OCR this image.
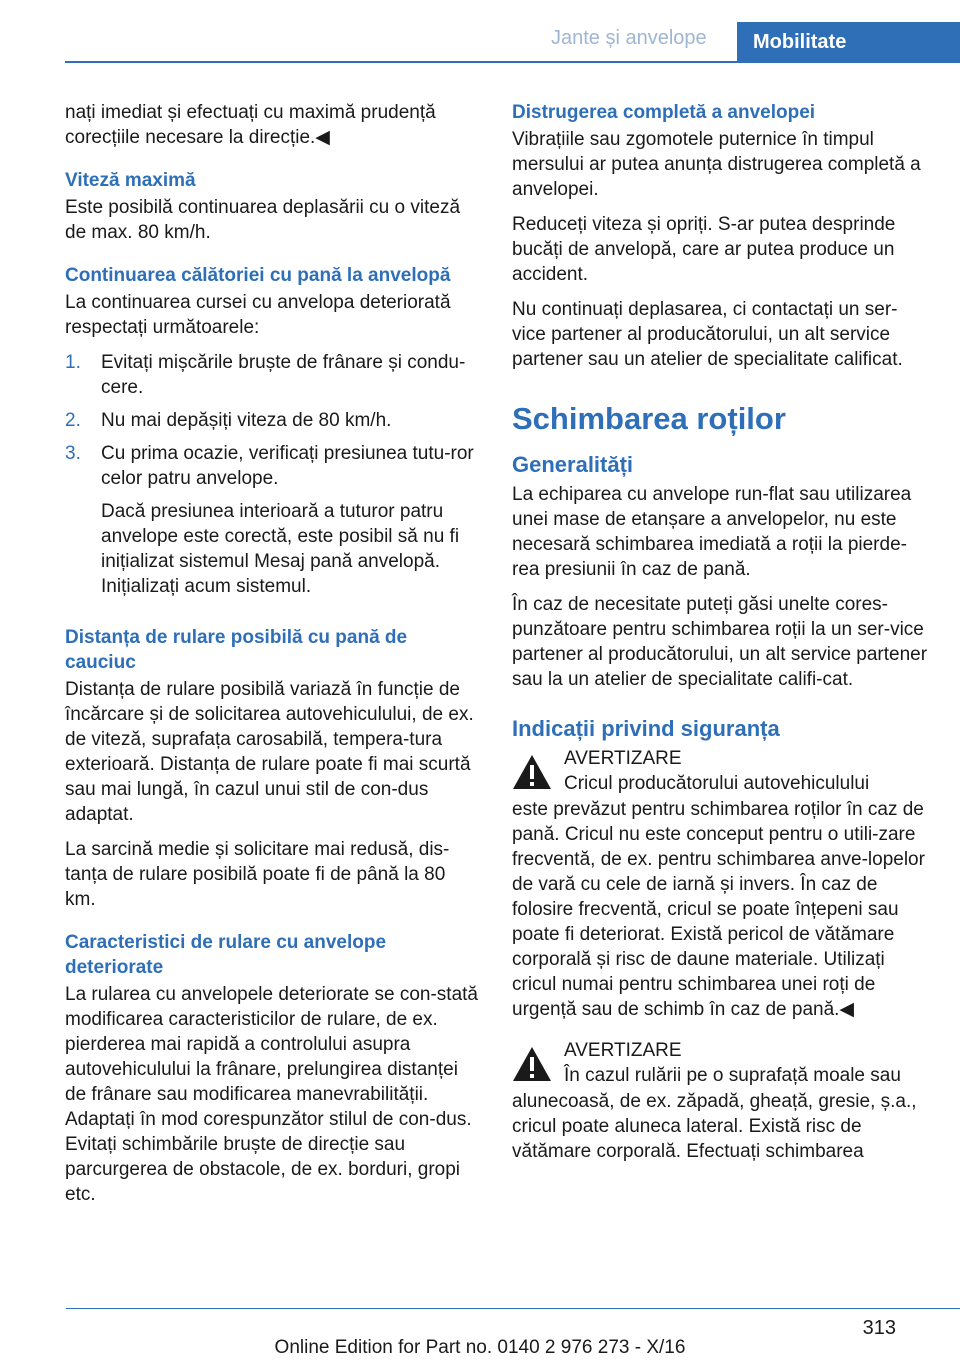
Jante și anvelope	Mobilitate

nați imediat și efectuați cu maximă prudență corecțiile necesare la direcție.◀

Viteză maximă

Este posibilă continuarea deplasării cu o viteză de max. 80 km/h.

Continuarea călătoriei cu pană la anvelopă

La continuarea cursei cu anvelopa deteriorată respectați următoarele:

1.	Evitați mișcările bruște de frânare și condu-cere.
2.	Nu mai depășiți viteza de 80 km/h.
3.	Cu prima ocazie, verificați presiunea tutu-ror celor patru anvelope.

Dacă presiunea interioară a tuturor patru anvelope este corectă, este posibil să nu fi inițializat sistemul Mesaj pană anvelopă. Inițializați acum sistemul.

Distanța de rulare posibilă cu pană de cauciuc

Distanța de rulare posibilă variază în funcție de încărcare și de solicitarea autovehiculului, de ex. de viteză, suprafața carosabilă, tempera-tura exterioară. Distanța de rulare poate fi mai scurtă sau mai lungă, în cazul unui stil de con-dus adaptat.

La sarcină medie și solicitare mai redusă, dis-tanța de rulare posibilă poate fi de până la 80 km.

Caracteristici de rulare cu anvelope deteriorate

La rularea cu anvelopele deteriorate se con-stată modificarea caracteristicilor de rulare, de ex. pierderea mai rapidă a controlului asupra autovehiculului la frânare, prelungirea distanței de frânare sau modificarea manevrabilității. Adaptați în mod corespunzător stilul de con-dus. Evitați schimbările bruște de direcție sau parcurgerea de obstacole, de ex. borduri, gropi etc.

Distrugerea completă a anvelopei

Vibrațiile sau zgomotele puternice în timpul mersului ar putea anunța distrugerea completă a anvelopei.

Reduceți viteza și opriți. S-ar putea desprinde bucăți de anvelopă, care ar putea produce un accident.

Nu continuați deplasarea, ci contactați un ser-vice partener al producătorului, un alt service partener sau un atelier de specialitate calificat.

Schimbarea roților
Generalități

La echiparea cu anvelope run-flat sau utilizarea unei mase de etanșare a anvelopelor, nu este necesară schimbarea imediată a roții la pierde-rea presiunii în caz de pană.

În caz de necesitate puteți găsi unelte cores-punzătoare pentru schimbarea roții la un ser-vice partener al producătorului, un alt service partener sau la un atelier de specialitate califi-cat.

Indicații privind siguranța
AVERTIZARE
Cricul producătorului autovehiculului
este prevăzut pentru schimbarea roților în caz de pană. Cricul nu este conceput pentru o utili-zare frecventă, de ex. pentru schimbarea anve-lopelor de vară cu cele de iarnă și invers. În caz de folosire frecventă, cricul se poate înțepeni sau poate fi deteriorat. Există pericol de vătămare corporală și risc de daune materiale. Utilizați cricul numai pentru schimbarea unei roți de urgență sau de schimb în caz de pană.◀
AVERTIZARE
În cazul rulării pe o suprafață moale sau
alunecoasă, de ex. zăpadă, gheață, gresie, ș.a., cricul poate aluneca lateral. Există risc de vătămare corporală. Efectuați schimbarea
313
Online Edition for Part no. 0140 2 976 273 - X/16
